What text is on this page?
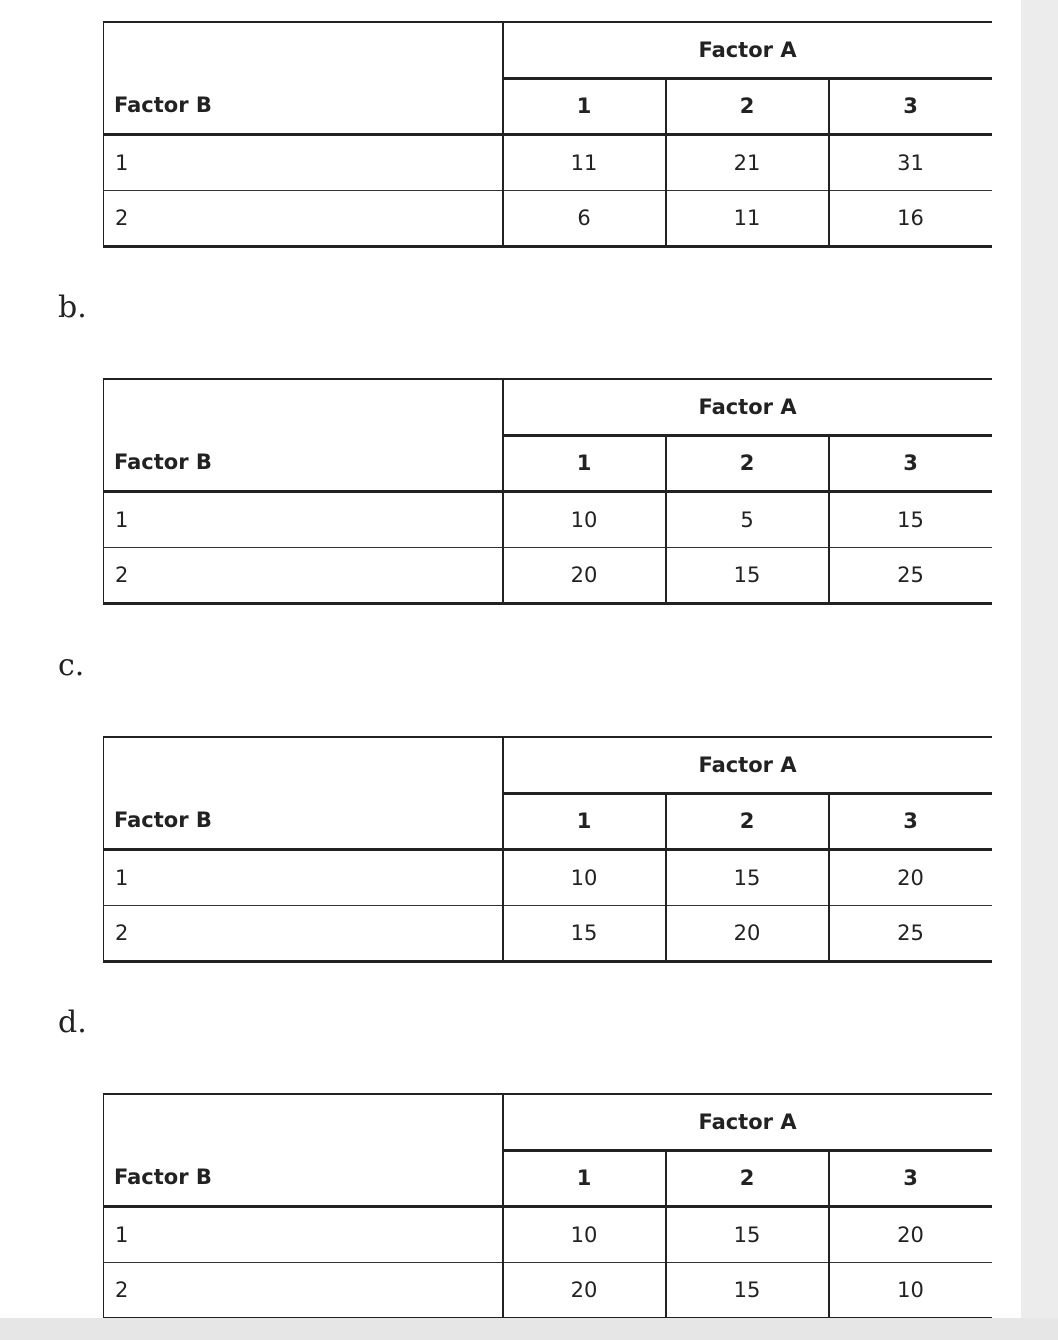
	Factor A		
Factor B	1	2	3
1	11	21	31
2	6	11	16
b.
	Factor A		
Factor B	1	2	3
1	10	5	15
2	20	15	25
c.
	Factor A		
Factor B	1	2	3
1	10	15	20
2	15	20	25
d.
	Factor A		
Factor B	1	2	3
1	10	15	20
2	20	15	10
